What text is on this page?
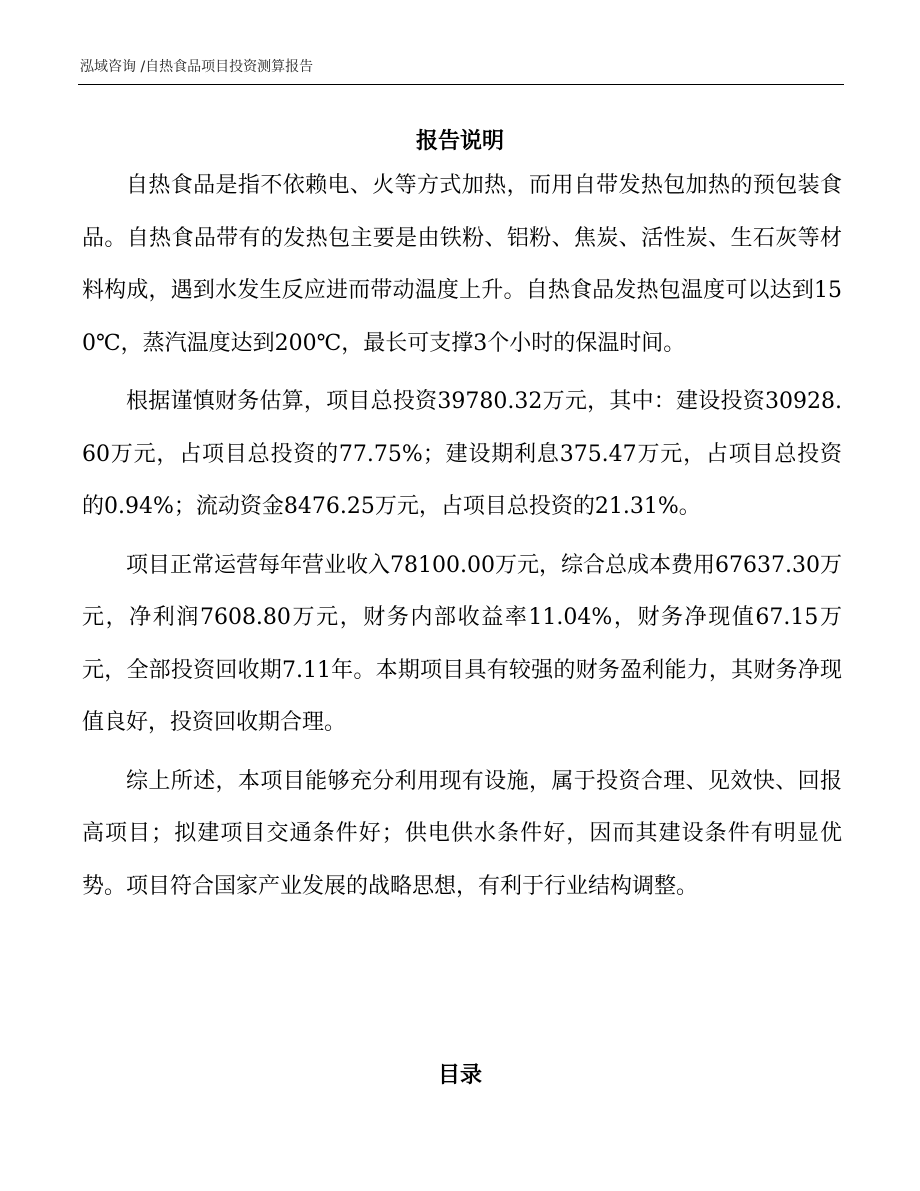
泓域咨询 /自热食品项目投资测算报告
报告说明

自热食品是指不依赖电、火等方式加热，而用自带发热包加热的预包装食品。自热食品带有的发热包主要是由铁粉、铝粉、焦炭、活性炭、生石灰等材料构成，遇到水发生反应进而带动温度上升。自热食品发热包温度可以达到150℃，蒸汽温度达到200℃，最长可支撑3个小时的保温时间。

根据谨慎财务估算，项目总投资39780.32万元，其中：建设投资30928.60万元，占项目总投资的77.75%；建设期利息375.47万元，占项目总投资的0.94%；流动资金8476.25万元，占项目总投资的21.31%。

项目正常运营每年营业收入78100.00万元，综合总成本费用67637.30万元，净利润7608.80万元，财务内部收益率11.04%，财务净现值67.15万元，全部投资回收期7.11年。本期项目具有较强的财务盈利能力，其财务净现值良好，投资回收期合理。

综上所述，本项目能够充分利用现有设施，属于投资合理、见效快、回报高项目；拟建项目交通条件好；供电供水条件好，因而其建设条件有明显优势。项目符合国家产业发展的战略思想，有利于行业结构调整。

目录
